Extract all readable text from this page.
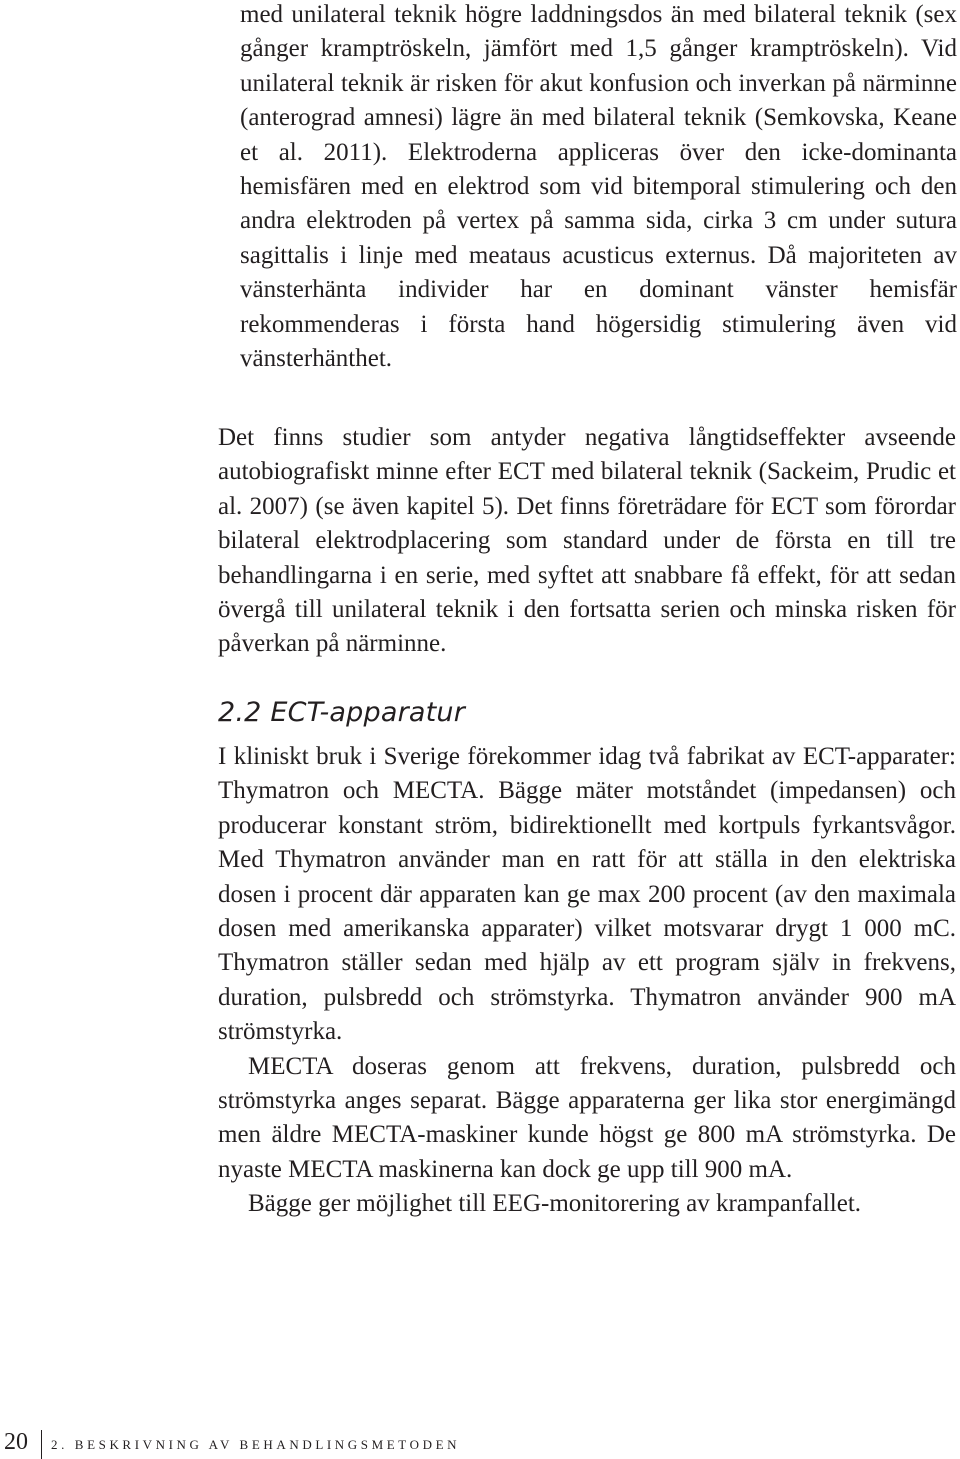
med unilateral teknik högre laddningsdos än med bilateral teknik (sex gånger kramptröskeln, jämfört med 1,5 gånger kramptröskeln). Vid unilateral teknik är risken för akut konfusion och inverkan på närminne (anterograd amnesi) lägre än med bilateral teknik (Semkovska, Keane et al. 2011). Elektroderna appliceras över den icke-dominanta hemisfären med en elektrod som vid bitemporal stimulering och den andra elektroden på vertex på samma sida, cirka 3 cm under sutura sagittalis i linje med meataus acusticus externus. Då majoriteten av vänsterhänta individer har en dominant vänster hemisfär rekommenderas i första hand högersidig stimulering även vid vänsterhänthet.

Det finns studier som antyder negativa långtidseffekter avseende autobiografiskt minne efter ECT med bilateral teknik (Sackeim, Prudic et al. 2007) (se även kapitel 5). Det finns företrädare för ECT som förordar bilateral elektrodplacering som standard under de första en till tre behandlingarna i en serie, med syftet att snabbare få effekt, för att sedan övergå till unilateral teknik i den fortsatta serien och minska risken för påverkan på närminne.

2.2 ECT-apparatur

I kliniskt bruk i Sverige förekommer idag två fabrikat av ECT-apparater: Thymatron och MECTA. Bägge mäter motståndet (impedansen) och producerar konstant ström, bidirektionellt med kortpuls fyrkantsvågor. Med Thymatron använder man en ratt för att ställa in den elektriska dosen i procent där apparaten kan ge max 200 procent (av den maximala dosen med amerikanska apparater) vilket motsvarar drygt 1 000 mC. Thymatron ställer sedan med hjälp av ett program själv in frekvens, duration, pulsbredd och strömstyrka. Thymatron använder 900 mA strömstyrka.

MECTA doseras genom att frekvens, duration, pulsbredd och strömstyrka anges separat. Bägge apparaterna ger lika stor energimängd men äldre MECTA-maskiner kunde högst ge 800 mA strömstyrka. De nyaste MECTA maskinerna kan dock ge upp till 900 mA.

Bägge ger möjlighet till EEG-monitorering av krampanfallet.

20 2. BESKRIVNING AV BEHANDLINGSMETODEN
